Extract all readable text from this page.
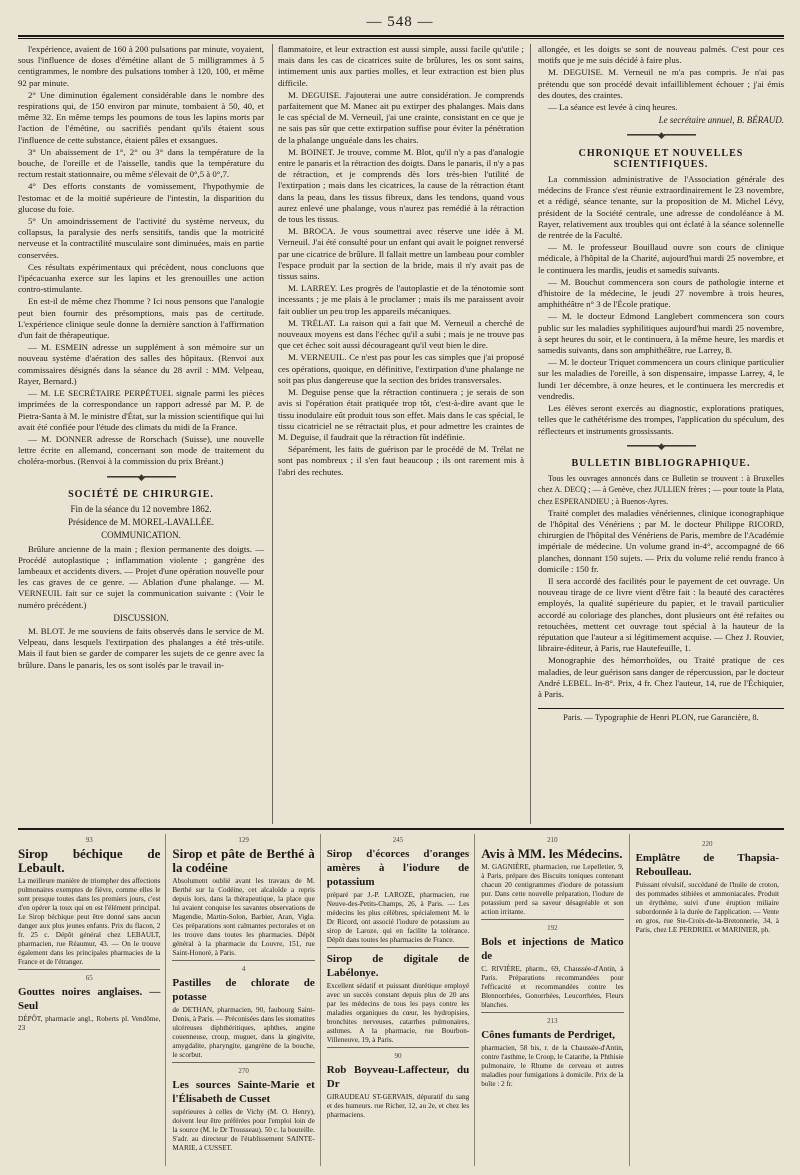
— 548 —

l'expérience, avaient de 160 à 200 pulsations par minute, voyaient, sous l'influence de doses d'émétine allant de 5 milligrammes à 5 centigrammes, le nombre des pulsations tomber à 120, 100, et même 92 par minute.

2° Une diminution également considérable dans le nombre des respirations qui, de 150 environ par minute, tombaient à 50, 40, et même 32. En même temps les poumons de tous les lapins morts par l'action de l'émétine, ou sacrifiés pendant qu'ils étaient sous l'influence de cette substance, étaient pâles et exsangues.

3° Un abaissement de 1°, 2° ou 3° dans la température de la bouche, de l'oreille et de l'aisselle, tandis que la température du rectum restait stationnaire, ou même s'élevait de 0°,5 à 0°,7.

4° Des efforts constants de vomissement, l'hypothymie de l'estomac et de la moitié supérieure de l'intestin, la disparition du glucose du foie.

5° Un amoindrissement de l'activité du système nerveux, du collapsus, la paralysie des nerfs sensitifs, tandis que la motricité nerveuse et la contractilité musculaire sont diminuées, mais en partie conservées.

Ces résultats expérimentaux qui précèdent, nous concluons que l'ipécacuanha exerce sur les lapins et les grenouilles une action contro-stimulante.

En est-il de même chez l'homme ? Ici nous pensons que l'analogie peut bien fournir des présomptions, mais pas de certitude. L'expérience clinique seule donne la dernière sanction à l'affirmation d'un fait de thérapeutique.

— M. ESMEIN adresse un supplément à son mémoire sur un nouveau système d'aération des salles des hôpitaux. (Renvoi aux commissaires désignés dans la séance du 28 avril : MM. Velpeau, Rayer, Bernard.)

— M. LE SECRÉTAIRE PERPÉTUEL signale parmi les pièces imprimées de la correspondance un rapport adressé par M. P. de Pietra-Santa à M. le ministre d'État, sur la mission scientifique qui lui avait été confiée pour l'étude des climats du midi de la France.

— M. DONNER adresse de Rorschach (Suisse), une nouvelle lettre écrite en allemand, concernant son mode de traitement du choléra-morbus. (Renvoi à la commission du prix Bréant.)

━━━━━━━◆━━━━━━━
SOCIÉTÉ DE CHIRURGIE.
Fin de la séance du 12 novembre 1862.
Présidence de M. MOREL-LAVALLÉE.
COMMUNICATION.

Brûlure ancienne de la main ; flexion permanente des doigts. — Procédé autoplastique ; inflammation violente ; gangrène des lambeaux et accidents divers. — Projet d'une opération nouvelle pour les cas graves de ce genre. — Ablation d'une phalange. — M. VERNEUIL fait sur ce sujet la communication suivante : (Voir le numéro précédent.)

DISCUSSION.

M. BLOT. Je me souviens de faits observés dans le service de M. Velpeau, dans lesquels l'extirpation des phalanges a été très-utile. Mais il faut bien se garder de comparer les sujets de ce genre avec la brûlure. Dans le panaris, les os sont isolés par le travail in-

flammatoire, et leur extraction est aussi simple, aussi facile qu'utile ; mais dans les cas de cicatrices suite de brûlures, les os sont sains, intimement unis aux parties molles, et leur extraction est bien plus difficile.

M. DEGUISE. J'ajouterai une autre considération. Je comprends parfaitement que M. Manec ait pu extirper des phalanges. Mais dans le cas spécial de M. Verneuil, j'ai une crainte, consistant en ce que je ne sais pas sûr que cette extirpation suffise pour éviter la pénétration de la phalange unguéale dans les chairs.

M. BOINET. Je trouve, comme M. Blot, qu'il n'y a pas d'analogie entre le panaris et la rétraction des doigts. Dans le panaris, il n'y a pas de rétraction, et je comprends dès lors très-bien l'utilité de l'extirpation ; mais dans les cicatrices, la cause de la rétraction étant dans la peau, dans les tissus fibreux, dans les tendons, quand vous aurez enlevé une phalange, vous n'aurez pas remédié à la rétraction de tous les tissus.

M. BROCA. Je vous soumettrai avec réserve une idée à M. Verneuil. J'ai été consulté pour un enfant qui avait le poignet renversé par une cicatrice de brûlure. Il fallait mettre un lambeau pour combler l'espace produit par la section de la bride, mais il n'y avait pas de tissus sains.

M. LARREY. Les progrès de l'autoplastie et de la ténotomie sont incessants ; je me plais à le proclamer ; mais ils me paraissent avoir fait oublier un peu trop les appareils mécaniques.

M. TRÉLAT. La raison qui a fait que M. Verneuil a cherché de nouveaux moyens est dans l'échec qu'il a subi ; mais je ne trouve pas que cet échec soit aussi décourageant qu'il veut bien le dire.

M. VERNEUIL. Ce n'est pas pour les cas simples que j'ai proposé ces opérations, quoique, en définitive, l'extirpation d'une phalange ne soit pas plus dangereuse que la section des brides transversales.

M. Deguise pense que la rétraction continuera ; je serais de son avis si l'opération était pratiquée trop tôt, c'est-à-dire avant que le tissu inodulaire eût produit tous son effet. Mais dans le cas spécial, le tissu cicatriciel ne se rétractait plus, et pour admettre les craintes de M. Deguise, il faudrait que la rétraction fût indéfinie.

Séparément, les faits de guérison par le procédé de M. Trélat ne sont pas nombreux ; il s'en faut beaucoup ; ils ont rarement mis à l'abri des rechutes.

allongée, et les doigts se sont de nouveau palmés. C'est pour ces motifs que je me suis décidé à faire plus.

M. DEGUISE. M. Verneuil ne m'a pas compris. Je n'ai pas prétendu que son procédé devait infailliblement échouer ; j'ai émis des doutes, des craintes.

— La séance est levée à cinq heures.

Le secrétaire annuel, B. BÉRAUD.
━━━━━━━◆━━━━━━━
CHRONIQUE ET NOUVELLES SCIENTIFIQUES.

La commission administrative de l'Association générale des médecins de France s'est réunie extraordinairement le 23 novembre, et a rédigé, séance tenante, sur la proposition de M. Michel Lévy, président de la Société centrale, une adresse de condoléance à M. Rayer, relativement aux troubles qui ont éclaté à la séance solennelle de rentrée de la Faculté.

— M. le professeur Bouillaud ouvre son cours de clinique médicale, à l'hôpital de la Charité, aujourd'hui mardi 25 novembre, et le continuera les mardis, jeudis et samedis suivants.

— M. Bouchut commencera son cours de pathologie interne et d'histoire de la médecine, le jeudi 27 novembre à trois heures, amphithéâtre n° 3 de l'École pratique.

— M. le docteur Edmond Langlebert commencera son cours public sur les maladies syphilitiques aujourd'hui mardi 25 novembre, à sept heures du soir, et le continuera, à la même heure, les mardis et samedis suivants, dans son amphithéâtre, rue Larrey, 8.

— M. le docteur Triquet commencera un cours clinique particulier sur les maladies de l'oreille, à son dispensaire, impasse Larrey, 4, le lundi 1er décembre, à onze heures, et le continuera les mercredis et vendredis.

Les élèves seront exercés au diagnostic, explorations pratiques, telles que le cathétérisme des trompes, l'application du spéculum, des réflecteurs et instruments grossissants.

━━━━━━━◆━━━━━━━
BULLETIN BIBLIOGRAPHIQUE.

Tous les ouvrages annoncés dans ce Bulletin se trouvent : à Bruxelles chez A. DECQ ; — à Genève, chez JULLIEN frères ; — pour toute la Plata, chez ESPERANDIEU ; à Buenos-Ayres.

Traité complet des maladies vénériennes, clinique iconographique de l'hôpital des Vénériens ; par M. le docteur Philippe RICORD, chirurgien de l'hôpital des Vénériens de Paris, membre de l'Académie impériale de médecine. Un volume grand in-4°, accompagné de 66 planches, donnant 150 sujets. — Prix du volume relié rendu franco à domicile : 150 fr.

Il sera accordé des facilités pour le payement de cet ouvrage. Un nouveau tirage de ce livre vient d'être fait : la beauté des caractères employés, la qualité supérieure du papier, et le travail particulier accordé au coloriage des planches, dont plusieurs ont été refaites ou retouchées, mettent cet ouvrage tout spécial à la hauteur de la réputation que l'auteur a si légitimement acquise. — Chez J. Rouvier, libraire-éditeur, à Paris, rue Hautefeuille, 1.

Monographie des hémorrhoïdes, ou Traité pratique de ces maladies, de leur guérison sans danger de répercussion, par le docteur André LEBEL. In-8°. Prix, 4 fr. Chez l'auteur, 14, rue de l'Échiquier, à Paris.

Paris. — Typographie de Henri PLON, rue Garancière, 8.
93
Sirop béchique de Lebault.
La meilleure manière de triompher des affections pulmonaires exemptes de fièvre, comme elles le sont presque toutes dans les premiers jours, c'est d'en opérer la toux qui en est l'élément principal. Le Sirop béchique peut être donné sans aucun danger aux plus jeunes enfants. Prix du flacon, 2 fr. 25 c. Dépôt général chez LEBAULT, pharmacien, rue Réaumur, 43. — On le trouve également dans les principales pharmacies de la France et de l'étranger.
65
Gouttes noires anglaises. — Seul
DÉPÔT, pharmacie angl., Roberts pl. Vendôme, 23
129
Sirop et pâte de Berthé à la codéine
Absolument oublié avant les travaux de M. Berthé sur la Codéine, cet alcaloïde a repris depuis lors, dans la thérapeutique, la place que lui avaient conquise les savantes observations de Magendie, Martin-Solon, Barbier, Aran, Vigla. Ces préparations sont calmantes pectorales et on les trouve dans toutes les pharmacies. Dépôt général à la pharmacie du Louvre, 151, rue Saint-Honoré, à Paris.
4
Pastilles de chlorate de potasse
de DETHAN, pharmacien, 90, faubourg Saint-Denis, à Paris. — Préconisées dans les stomatites ulcéreuses diphthéritiques, aphthes, angine couenneuse, croup, muguet, dans la gingivite, amygdalite, pharyngite, gangrène de la bouche, le scorbut.
270
Les sources Sainte-Marie et l'Élisabeth de Cusset
supérieures à celles de Vichy (M. O. Henry), doivent leur être préférées pour l'emploi loin de la source (M. le Dr Trousseau). 50 c. la bouteille. S'adr. au directeur de l'établissement SAINTE-MARIE, à CUSSET.
245
Sirop d'écorces d'oranges amères à l'iodure de potassium
préparé par J.-P. LAROZE, pharmacien, rue Neuve-des-Petits-Champs, 26, à Paris. — Les médecins les plus célèbres, spécialement M. le Dr Ricord, ont associé l'iodure de potassium au sirop de Laroze, qui en facilite la tolérance. Dépôt dans toutes les pharmacies de France.
Sirop de digitale de Labélonye.
Excellent sédatif et puissant diurétique employé avec un succès constant depuis plus de 20 ans par les médecins de tous les pays contre les maladies organiques du cœur, les hydropisies, bronchites nerveuses, catarrhes pulmonaires, asthmes. A la pharmacie, rue Bourbon-Villeneuve, 19, à Paris.
90
Rob Boyveau-Laffecteur, du Dr
GIRAUDEAU ST-GERVAIS, dépuratif du sang et des humeurs. rue Richer, 12, au 2e, et chez les pharmaciens.
210
Avis à MM. les Médecins.
M. GAGNIÈRE, pharmacien, rue Lepelletier, 9, à Paris, prépare des Biscuits toniques contenant chacun 20 centigrammes d'iodure de potassium pur. Dans cette nouvelle préparation, l'iodure de potassium perd sa saveur désagréable et son action irritante.
192
Bols et injections de Matico de
C. RIVIÈRE, pharm., 69, Chaussée-d'Antin, à Paris. Préparations recommandées pour l'efficacité et recommandées contre les Blennorrhées, Gonorrhées, Leucorrhées, Fleurs blanches.
213
Cônes fumants de Perdriget,
pharmacien, 58 bis, r. de la Chaussée-d'Antin, contre l'asthme, le Croup, le Catarrhe, la Phthisie pulmonaire, le Rhume de cerveau et autres maladies pour fumigations à domicile. Prix de la boîte : 2 fr.
220
Emplâtre de Thapsia-Reboulleau.
Puissant révulsif, succédané de l'huile de croton, des pommades stibiées et ammoniacales. Produit un érythème, suivi d'une éruption miliaire subordonnée à la durée de l'application. — Vente en gros, rue Ste-Croix-de-la-Bretonnerie, 34, à Paris, chez LE PERDRIEL et MARINIER, ph.
